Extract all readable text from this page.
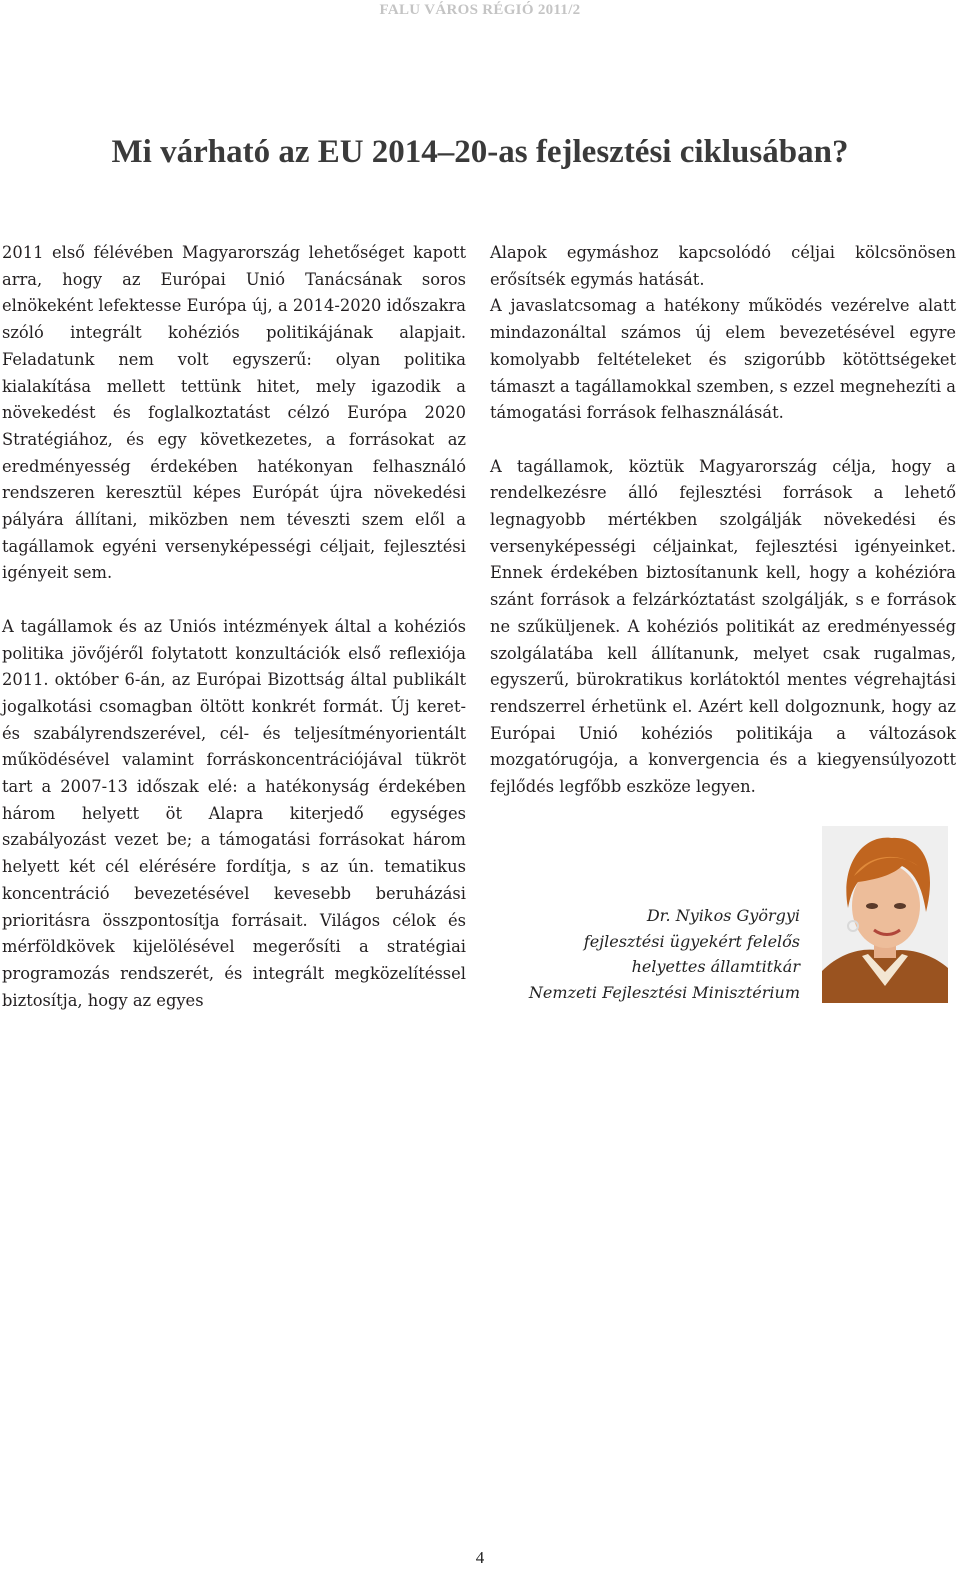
FALU VÁROS RÉGIÓ 2011/2
Mi várható az EU 2014–20-as fejlesztési ciklusában?

2011 első félévében Magyarország lehetőséget kapott arra, hogy az Európai Unió Tanácsának soros elnökeként lefektesse Európa új, a 2014-2020 időszakra szóló integrált kohéziós politikájának alapjait. Feladatunk nem volt egyszerű: olyan politika kialakítása mellett tettünk hitet, mely igazodik a növekedést és foglalkoztatást célzó Európa 2020 Stratégiához, és egy következetes, a forrásokat az eredményesség érdekében hatékonyan felhasználó rendszeren keresztül képes Európát újra növekedési pályára állítani, miközben nem téveszti szem elől a tagállamok egyéni versenyképességi céljait, fejlesztési igényeit sem.

A tagállamok és az Uniós intézmények által a kohéziós politika jövőjéről folytatott konzultációk első reflexiója 2011. október 6-án, az Európai Bizottság által publikált jogalkotási csomagban öltött konkrét formát. Új keret- és szabályrendszerével, cél- és teljesítményorientált működésével valamint forráskoncentrációjával tükröt tart a 2007-13 időszak elé: a hatékonyság érdekében három helyett öt Alapra kiterjedő egységes szabályozást vezet be; a támogatási forrásokat három helyett két cél elérésére fordítja, s az ún. tematikus koncentráció bevezetésével kevesebb beruházási prioritásra összpontosítja forrásait. Világos célok és mérföldkövek kijelölésével megerősíti a stratégiai programozás rendszerét, és integrált megközelítéssel biztosítja, hogy az egyes

Alapok egymáshoz kapcsolódó céljai kölcsönösen erősítsék egymás hatását.

A javaslatcsomag a hatékony működés vezérelve alatt mindazonáltal számos új elem bevezetésével egyre komolyabb feltételeket és szigorúbb kötöttségeket támaszt a tagállamokkal szemben, s ezzel megnehezíti a támogatási források felhasználását.

A tagállamok, köztük Magyarország célja, hogy a rendelkezésre álló fejlesztési források a lehető legnagyobb mértékben szolgálják növekedési és versenyképességi céljainkat, fejlesztési igényeinket. Ennek érdekében biztosítanunk kell, hogy a kohézióra szánt források a felzárkóztatást szolgálják, s e források ne szűküljenek. A kohéziós politikát az eredményesség szolgálatába kell állítanunk, melyet csak rugalmas, egyszerű, bürokratikus korlátoktól mentes végrehajtási rendszerrel érhetünk el. Azért kell dolgoznunk, hogy az Európai Unió kohéziós politikája a változások mozgatórugója, a konvergencia és a kiegyensúlyozott fejlődés legfőbb eszköze legyen.

Dr. Nyikos Györgyi
fejlesztési ügyekért felelős
helyettes államtitkár
Nemzeti Fejlesztési Minisztérium
4
